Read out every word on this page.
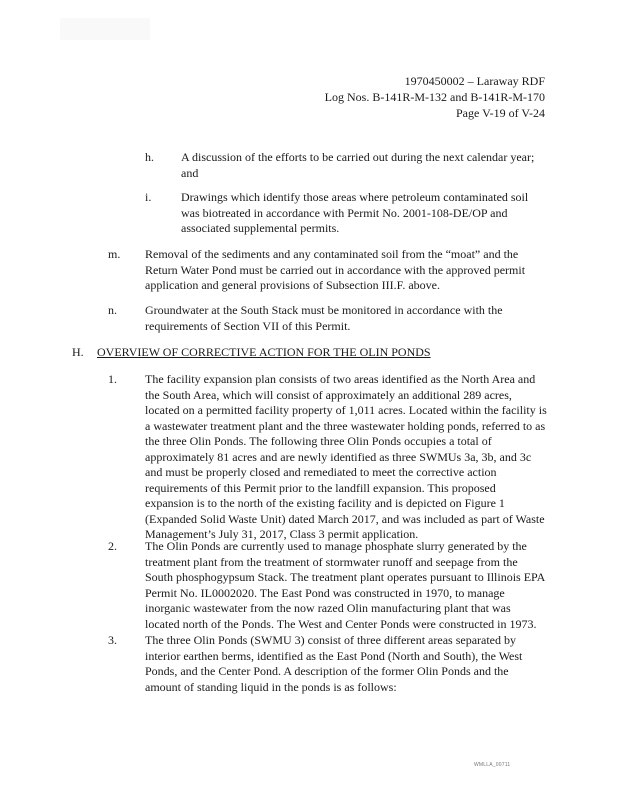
1970450002 – Laraway RDF
Log Nos. B-141R-M-132 and B-141R-M-170
Page V-19 of V-24
h. A discussion of the efforts to be carried out during the next calendar year; and
i. Drawings which identify those areas where petroleum contaminated soil was biotreated in accordance with Permit No. 2001-108-DE/OP and associated supplemental permits.
m. Removal of the sediments and any contaminated soil from the “moat” and the Return Water Pond must be carried out in accordance with the approved permit application and general provisions of Subsection III.F. above.
n. Groundwater at the South Stack must be monitored in accordance with the requirements of Section VII of this Permit.
H. OVERVIEW OF CORRECTIVE ACTION FOR THE OLIN PONDS
1. The facility expansion plan consists of two areas identified as the North Area and the South Area, which will consist of approximately an additional 289 acres, located on a permitted facility property of 1,011 acres. Located within the facility is a wastewater treatment plant and the three wastewater holding ponds, referred to as the three Olin Ponds. The following three Olin Ponds occupies a total of approximately 81 acres and are newly identified as three SWMUs 3a, 3b, and 3c and must be properly closed and remediated to meet the corrective action requirements of this Permit prior to the landfill expansion. This proposed expansion is to the north of the existing facility and is depicted on Figure 1 (Expanded Solid Waste Unit) dated March 2017, and was included as part of Waste Management’s July 31, 2017, Class 3 permit application.
2. The Olin Ponds are currently used to manage phosphate slurry generated by the treatment plant from the treatment of stormwater runoff and seepage from the South phosphogypsum Stack. The treatment plant operates pursuant to Illinois EPA Permit No. IL0002020. The East Pond was constructed in 1970, to manage inorganic wastewater from the now razed Olin manufacturing plant that was located north of the Ponds. The West and Center Ponds were constructed in 1973.
3. The three Olin Ponds (SWMU 3) consist of three different areas separated by interior earthen berms, identified as the East Pond (North and South), the West Ponds, and the Center Pond. A description of the former Olin Ponds and the amount of standing liquid in the ponds is as follows:
WMLLA_00711
